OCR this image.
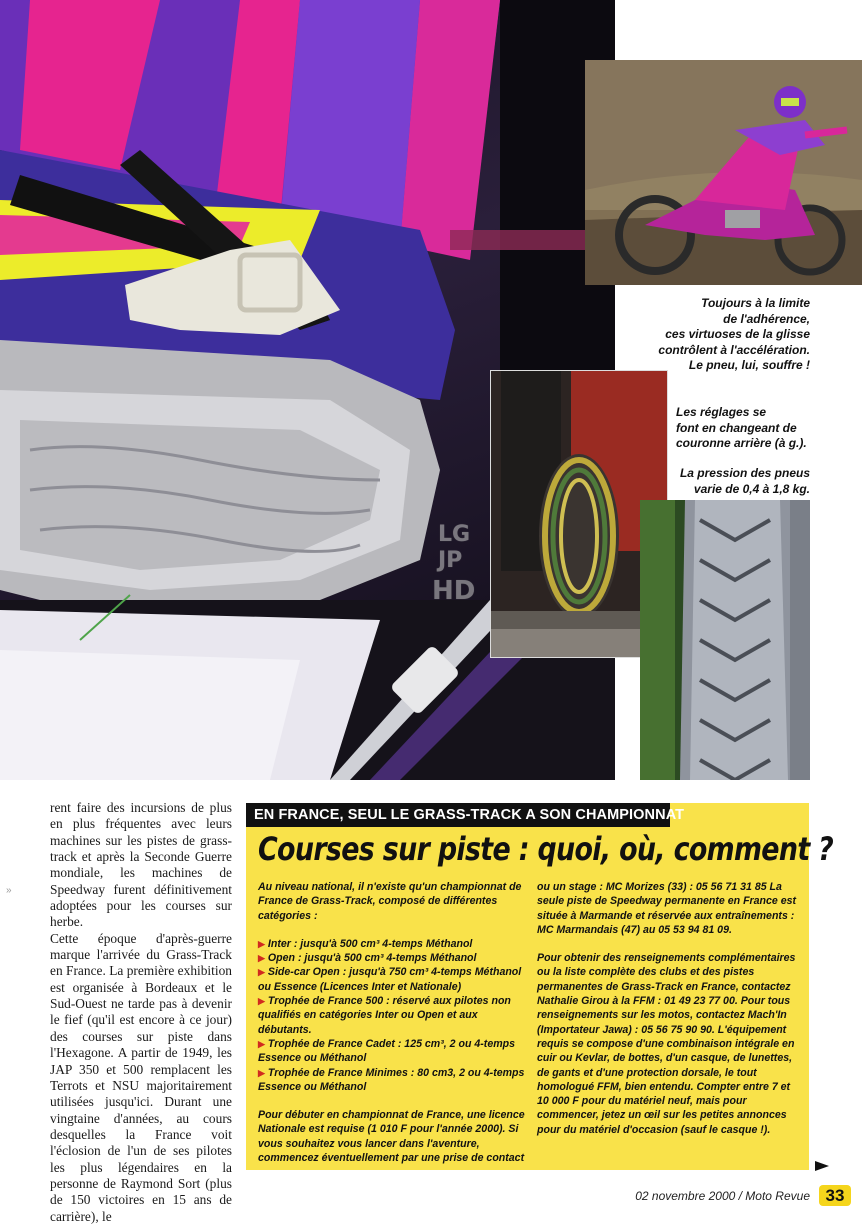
LG
JP
HD
Toujours à la limite
de l'adhérence,
ces virtuoses de la glisse
contrôlent à l'accélération.
Le pneu, lui, souffre !
Les réglages se
font en changeant de
couronne arrière (à g.).
La pression des pneus
varie de 0,4 à 1,8 kg.

rent faire des incursions de plus en plus fréquentes avec leurs machines sur les pistes de grass-track et après la Seconde Guerre mondiale, les machines de Speedway furent définitivement adoptées pour les courses sur herbe.

Cette époque d'après-guerre marque l'arrivée du Grass-Track en France. La première exhibition est organisée à Bordeaux et le Sud-Ouest ne tarde pas à devenir le fief (qu'il est encore à ce jour) des courses sur piste dans l'Hexagone. A partir de 1949, les JAP 350 et 500 remplacent les Terrots et NSU majoritairement utilisées jusqu'ici. Durant une vingtaine d'années, au cours desquelles la France voit l'éclosion de l'un de ses pilotes les plus légendaires en la personne de Raymond Sort (plus de 150 victoires en 15 ans de carrière), le

»
EN FRANCE, SEUL LE GRASS-TRACK A SON CHAMPIONNAT
Courses sur piste : quoi, où, comment ?

Au niveau national, il n'existe qu'un championnat de France de Grass-Track, composé de différentes catégories :

▶ Inter : jusqu'à 500 cm³ 4-temps Méthanol

▶ Open : jusqu'à 500 cm³ 4-temps Méthanol

▶ Side-car Open : jusqu'à 750 cm³ 4-temps Méthanol ou Essence (Licences Inter et Nationale)

▶ Trophée de France 500 : réservé aux pilotes non qualifiés en catégories Inter ou Open et aux débutants.

▶ Trophée de France Cadet : 125 cm³, 2 ou 4-temps Essence ou Méthanol

▶ Trophée de France Minimes : 80 cm3, 2 ou 4-temps Essence ou Méthanol

Pour débuter en championnat de France, une licence Nationale est requise (1 010 F pour l'année 2000). Si vous souhaitez vous lancer dans l'aventure, commencez éventuellement par une prise de contact

ou un stage : MC Morizes (33) : 05 56 71 31 85 La seule piste de Speedway permanente en France est située à Marmande et réservée aux entraînements : MC Marmandais (47) au 05 53 94 81 09.

Pour obtenir des renseignements complémentaires ou la liste complète des clubs et des pistes permanentes de Grass-Track en France, contactez Nathalie Girou à la FFM : 01 49 23 77 00. Pour tous renseignements sur les motos, contactez Mach'In (Importateur Jawa) : 05 56 75 90 90. L'équipement requis se compose d'une combinaison intégrale en cuir ou Kevlar, de bottes, d'un casque, de lunettes, de gants et d'une protection dorsale, le tout homologué FFM, bien entendu. Compter entre 7 et 10 000 F pour du matériel neuf, mais pour commencer, jetez un œil sur les petites annonces pour du matériel d'occasion (sauf le casque !).

02 novembre 2000 / Moto Revue 33
